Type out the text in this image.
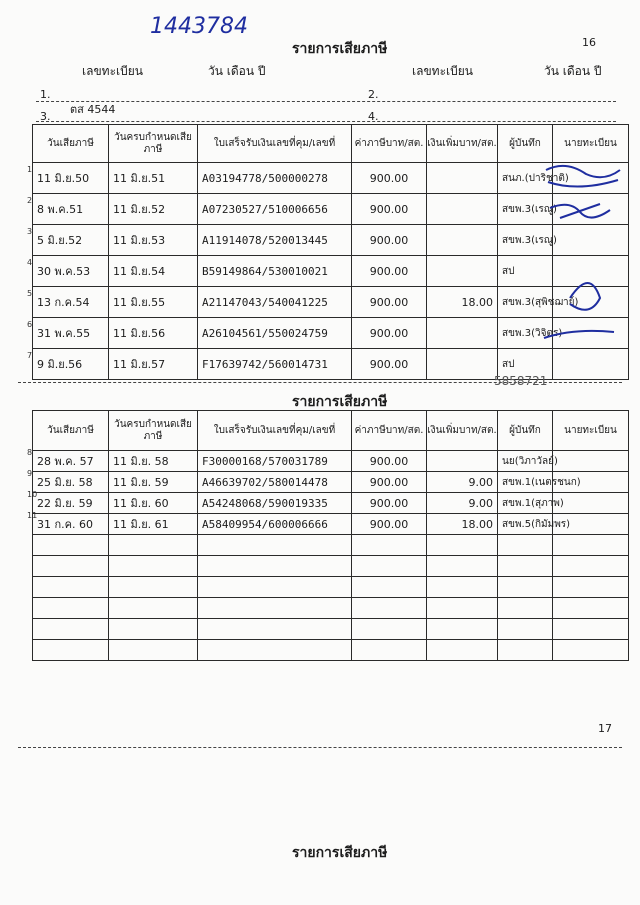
1443784
รายการเสียภาษี	16
เลขทะเบียน	วัน เดือน ปี	เลขทะเบียน	วัน เดือน ปี
1.
ตส 4544
2.
3.	4.
วันเสียภาษี	วันครบกำหนดเสียภาษี	ใบเสร็จรับเงินเลขที่คุม/เลขที่	ค่าภาษีบาท/สต.	เงินเพิ่มบาท/สต.	ผู้บันทึก	นายทะเบียน

1
11 มิ.ย.50	11 มิ.ย.51	A03194778/500000278	900.00		สนภ.(ปาริชาติ)	

2
8 พ.ค.51	11 มิ.ย.52	A07230527/510006656	900.00		สขพ.3(เรณู)	

3
5 มิ.ย.52	11 มิ.ย.53	A11914078/520013445	900.00		สขพ.3(เรณู)	

4
30 พ.ค.53	11 มิ.ย.54	B59149864/530010021	900.00		สป	

5
13 ก.ค.54	11 มิ.ย.55	A21147043/540041225	900.00	18.00	สขพ.3(สุพิชฌาย์)	

6
31 พ.ค.55	11 มิ.ย.56	A26104561/550024759	900.00		สขพ.3(วิจิตร)	

7
9 มิ.ย.56	11 มิ.ย.57	F17639742/560014731	900.00		สป	

5858721
รายการเสียภาษี
วันเสียภาษี	วันครบกำหนดเสียภาษี	ใบเสร็จรับเงินเลขที่คุม/เลขที่	ค่าภาษีบาท/สต.	เงินเพิ่มบาท/สต.	ผู้บันทึก	นายทะเบียน

8
28 พ.ค. 57	11 มิ.ย. 58	F30000168/570031789	900.00		นย(วิภาวัลย์)	

9
25 มิ.ย. 58	11 มิ.ย. 59	A46639702/580014478	900.00	9.00	สขพ.1(เนตรชนก)	

10
22 มิ.ย. 59	11 มิ.ย. 60	A54248068/590019335	900.00	9.00	สขพ.1(สุภาพ)	

11
31 ก.ค. 60	11 มิ.ย. 61	A58409954/600006666	900.00	18.00	สขพ.5(กิมัมพร)	

17
รายการเสียภาษี
